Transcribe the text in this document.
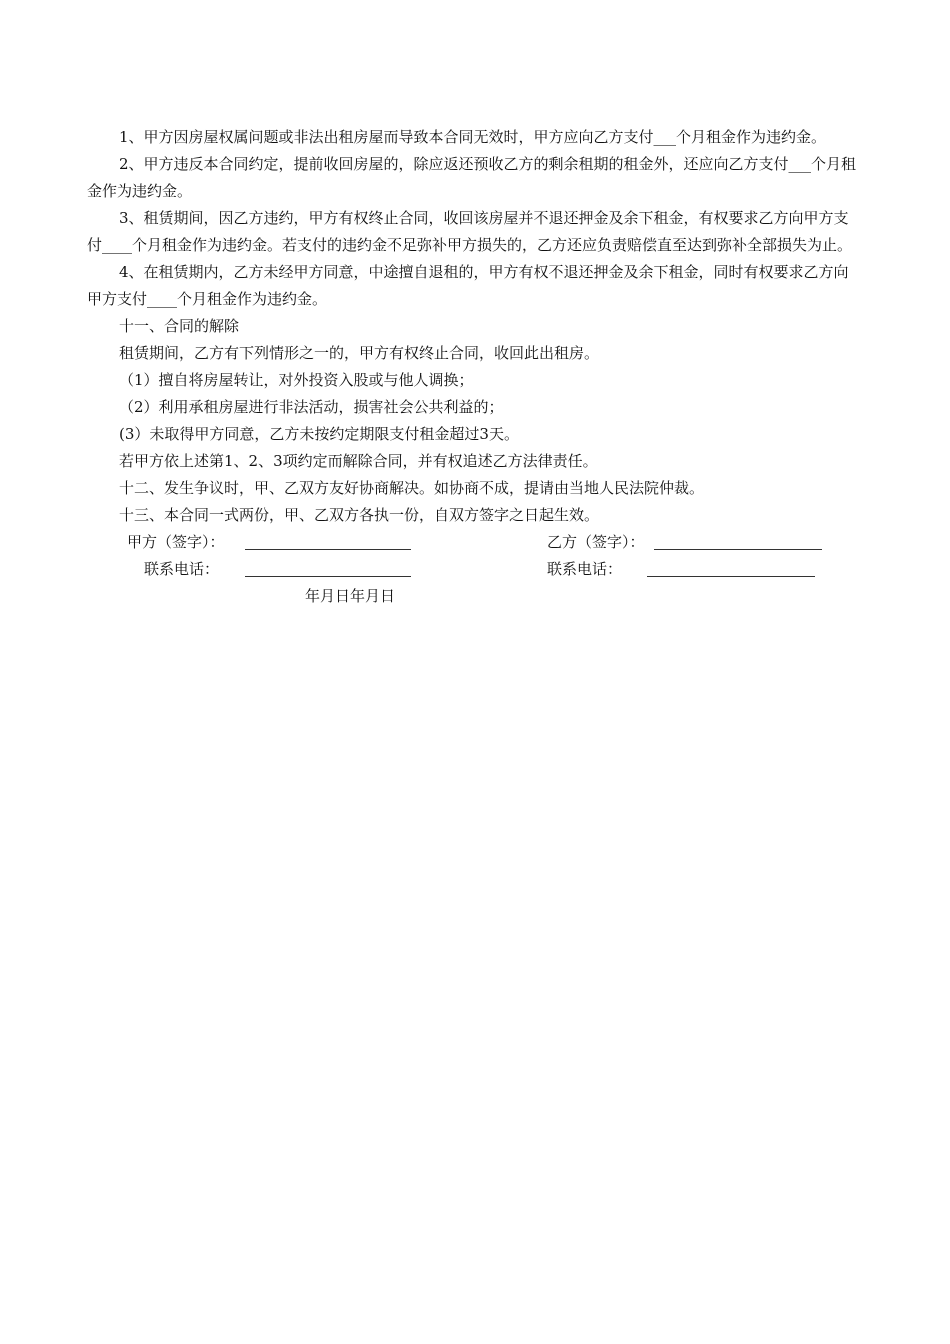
1、甲方因房屋权属问题或非法出租房屋而导致本合同无效时，甲方应向乙方支付___个月租金作为违约金。

2、甲方违反本合同约定，提前收回房屋的，除应返还预收乙方的剩余租期的租金外，还应向乙方支付___个月租金作为违约金。

3、租赁期间，因乙方违约，甲方有权终止合同，收回该房屋并不退还押金及余下租金，有权要求乙方向甲方支付____个月租金作为违约金。若支付的违约金不足弥补甲方损失的，乙方还应负责赔偿直至达到弥补全部损失为止。

4、在租赁期内，乙方未经甲方同意，中途擅自退租的，甲方有权不退还押金及余下租金，同时有权要求乙方向甲方支付____个月租金作为违约金。

十一、合同的解除

租赁期间，乙方有下列情形之一的，甲方有权终止合同，收回此出租房。

（1）擅自将房屋转让，对外投资入股或与他人调换；

（2）利用承租房屋进行非法活动，损害社会公共利益的；

(3）未取得甲方同意，乙方未按约定期限支付租金超过3天。

若甲方依上述第1、2、3项约定而解除合同，并有权追述乙方法律责任。

十二、发生争议时，甲、乙双方友好协商解决。如协商不成，提请由当地人民法院仲裁。

十三、本合同一式两份，甲、乙双方各执一份，自双方签字之日起生效。

甲方（签字）：	乙方（签字）：
联系电话：	联系电话：
年月日年月日
